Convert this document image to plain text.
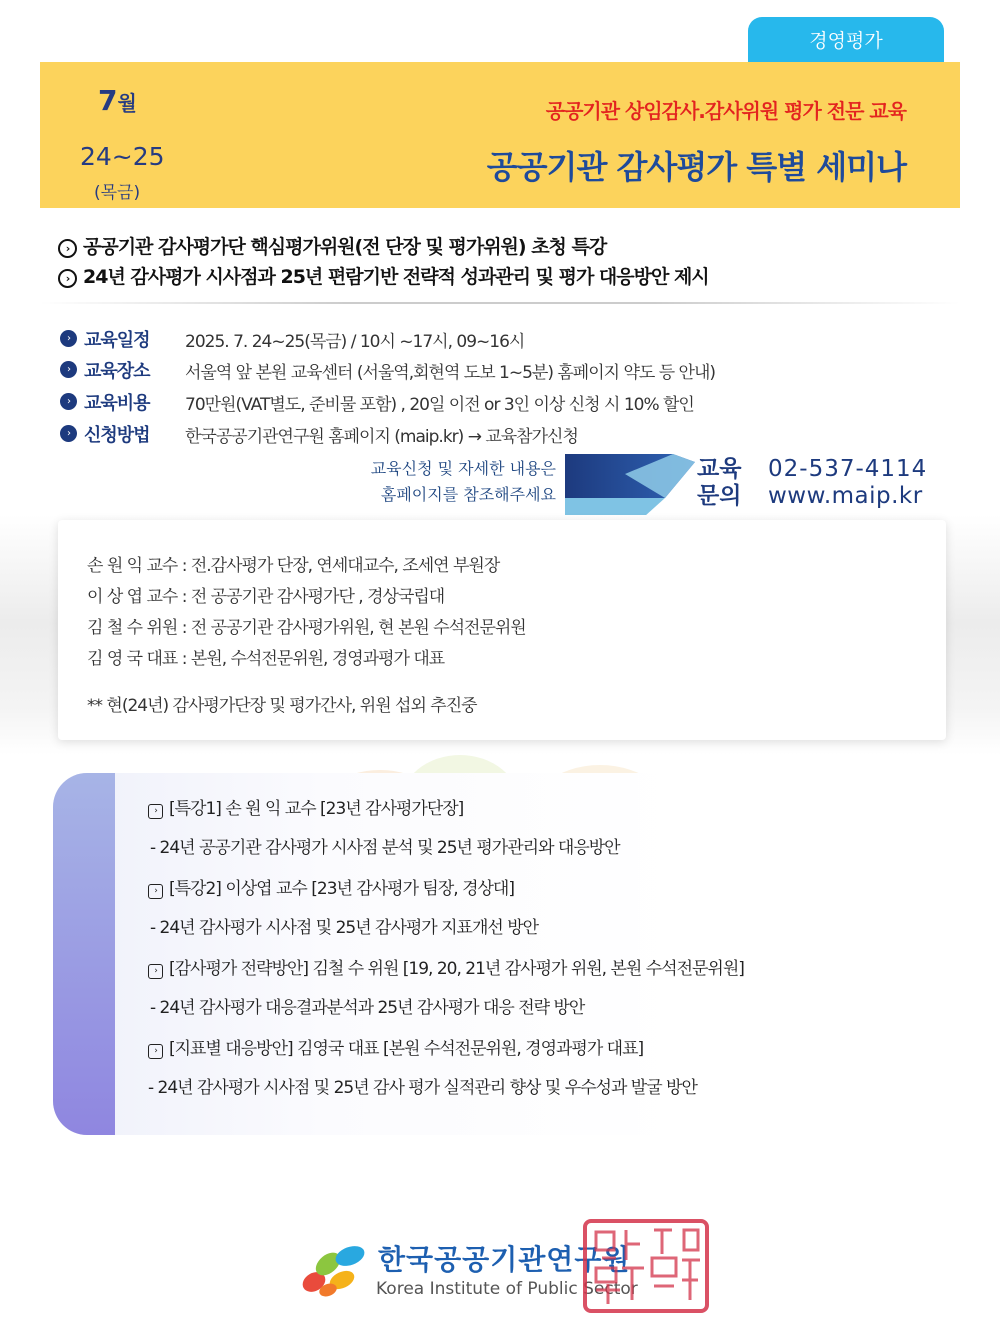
경영평가
7월
24~25
(목금)
공공기관 상임감사.감사위원 평가 전문 교육
공공기관 감사평가 특별 세미나
› 공공기관 감사평가단 핵심평가위원(전 단장 및 평가위원) 초청 특강
› 24년 감사평가 시사점과 25년 편람기반 전략적 성과관리 및 평가 대응방안 제시
› 교육일정 2025. 7. 24~25(목금) / 10시 ~17시, 09~16시
› 교육장소 서울역 앞 본원 교육센터 (서울역,회현역 도보 1~5분) 홈페이지 약도 등 안내)
› 교육비용 70만원(VAT별도, 준비물 포함) , 20일 이전 or 3인 이상 신청 시 10% 할인
› 신청방법 한국공공기관연구원 홈페이지 (maip.kr) → 교육참가신청
교육신청 및 자세한 내용은
홈페이지를 참조해주세요
교육
문의
02-537-4114
www.maip.kr
손 원 익 교수 : 전.감사평가 단장, 연세대교수, 조세연 부원장
이 상 엽 교수 : 전 공공기관 감사평가단 , 경상국립대
김 철 수 위원 : 전 공공기관 감사평가위원, 현 본원 수석전문위원
김 영 국 대표 : 본원, 수석전문위원, 경영과평가 대표
** 현(24년) 감사평가단장 및 평가간사, 위원 섭외 추진중
› [특강1] 손 원 익 교수 [23년 감사평가단장]
- 24년 공공기관 감사평가 시사점 분석 및 25년 평가관리와 대응방안
› [특강2] 이상엽 교수 [23년 감사평가 팀장, 경상대]
- 24년 감사평가 시사점 및 25년 감사평가 지표개선 방안
› [감사평가 전략방안] 김철 수 위원 [19, 20, 21년 감사평가 위원, 본원 수석전문위원]
- 24년 감사평가 대응결과분석과 25년 감사평가 대응 전략 방안
› [지표별 대응방안] 김영국 대표 [본원 수석전문위원, 경영과평가 대표]
- 24년 감사평가 시사점 및 25년 감사 평가 실적관리 향상 및 우수성과 발굴 방안
한국공공기관연구원
Korea Institute of Public Sector
